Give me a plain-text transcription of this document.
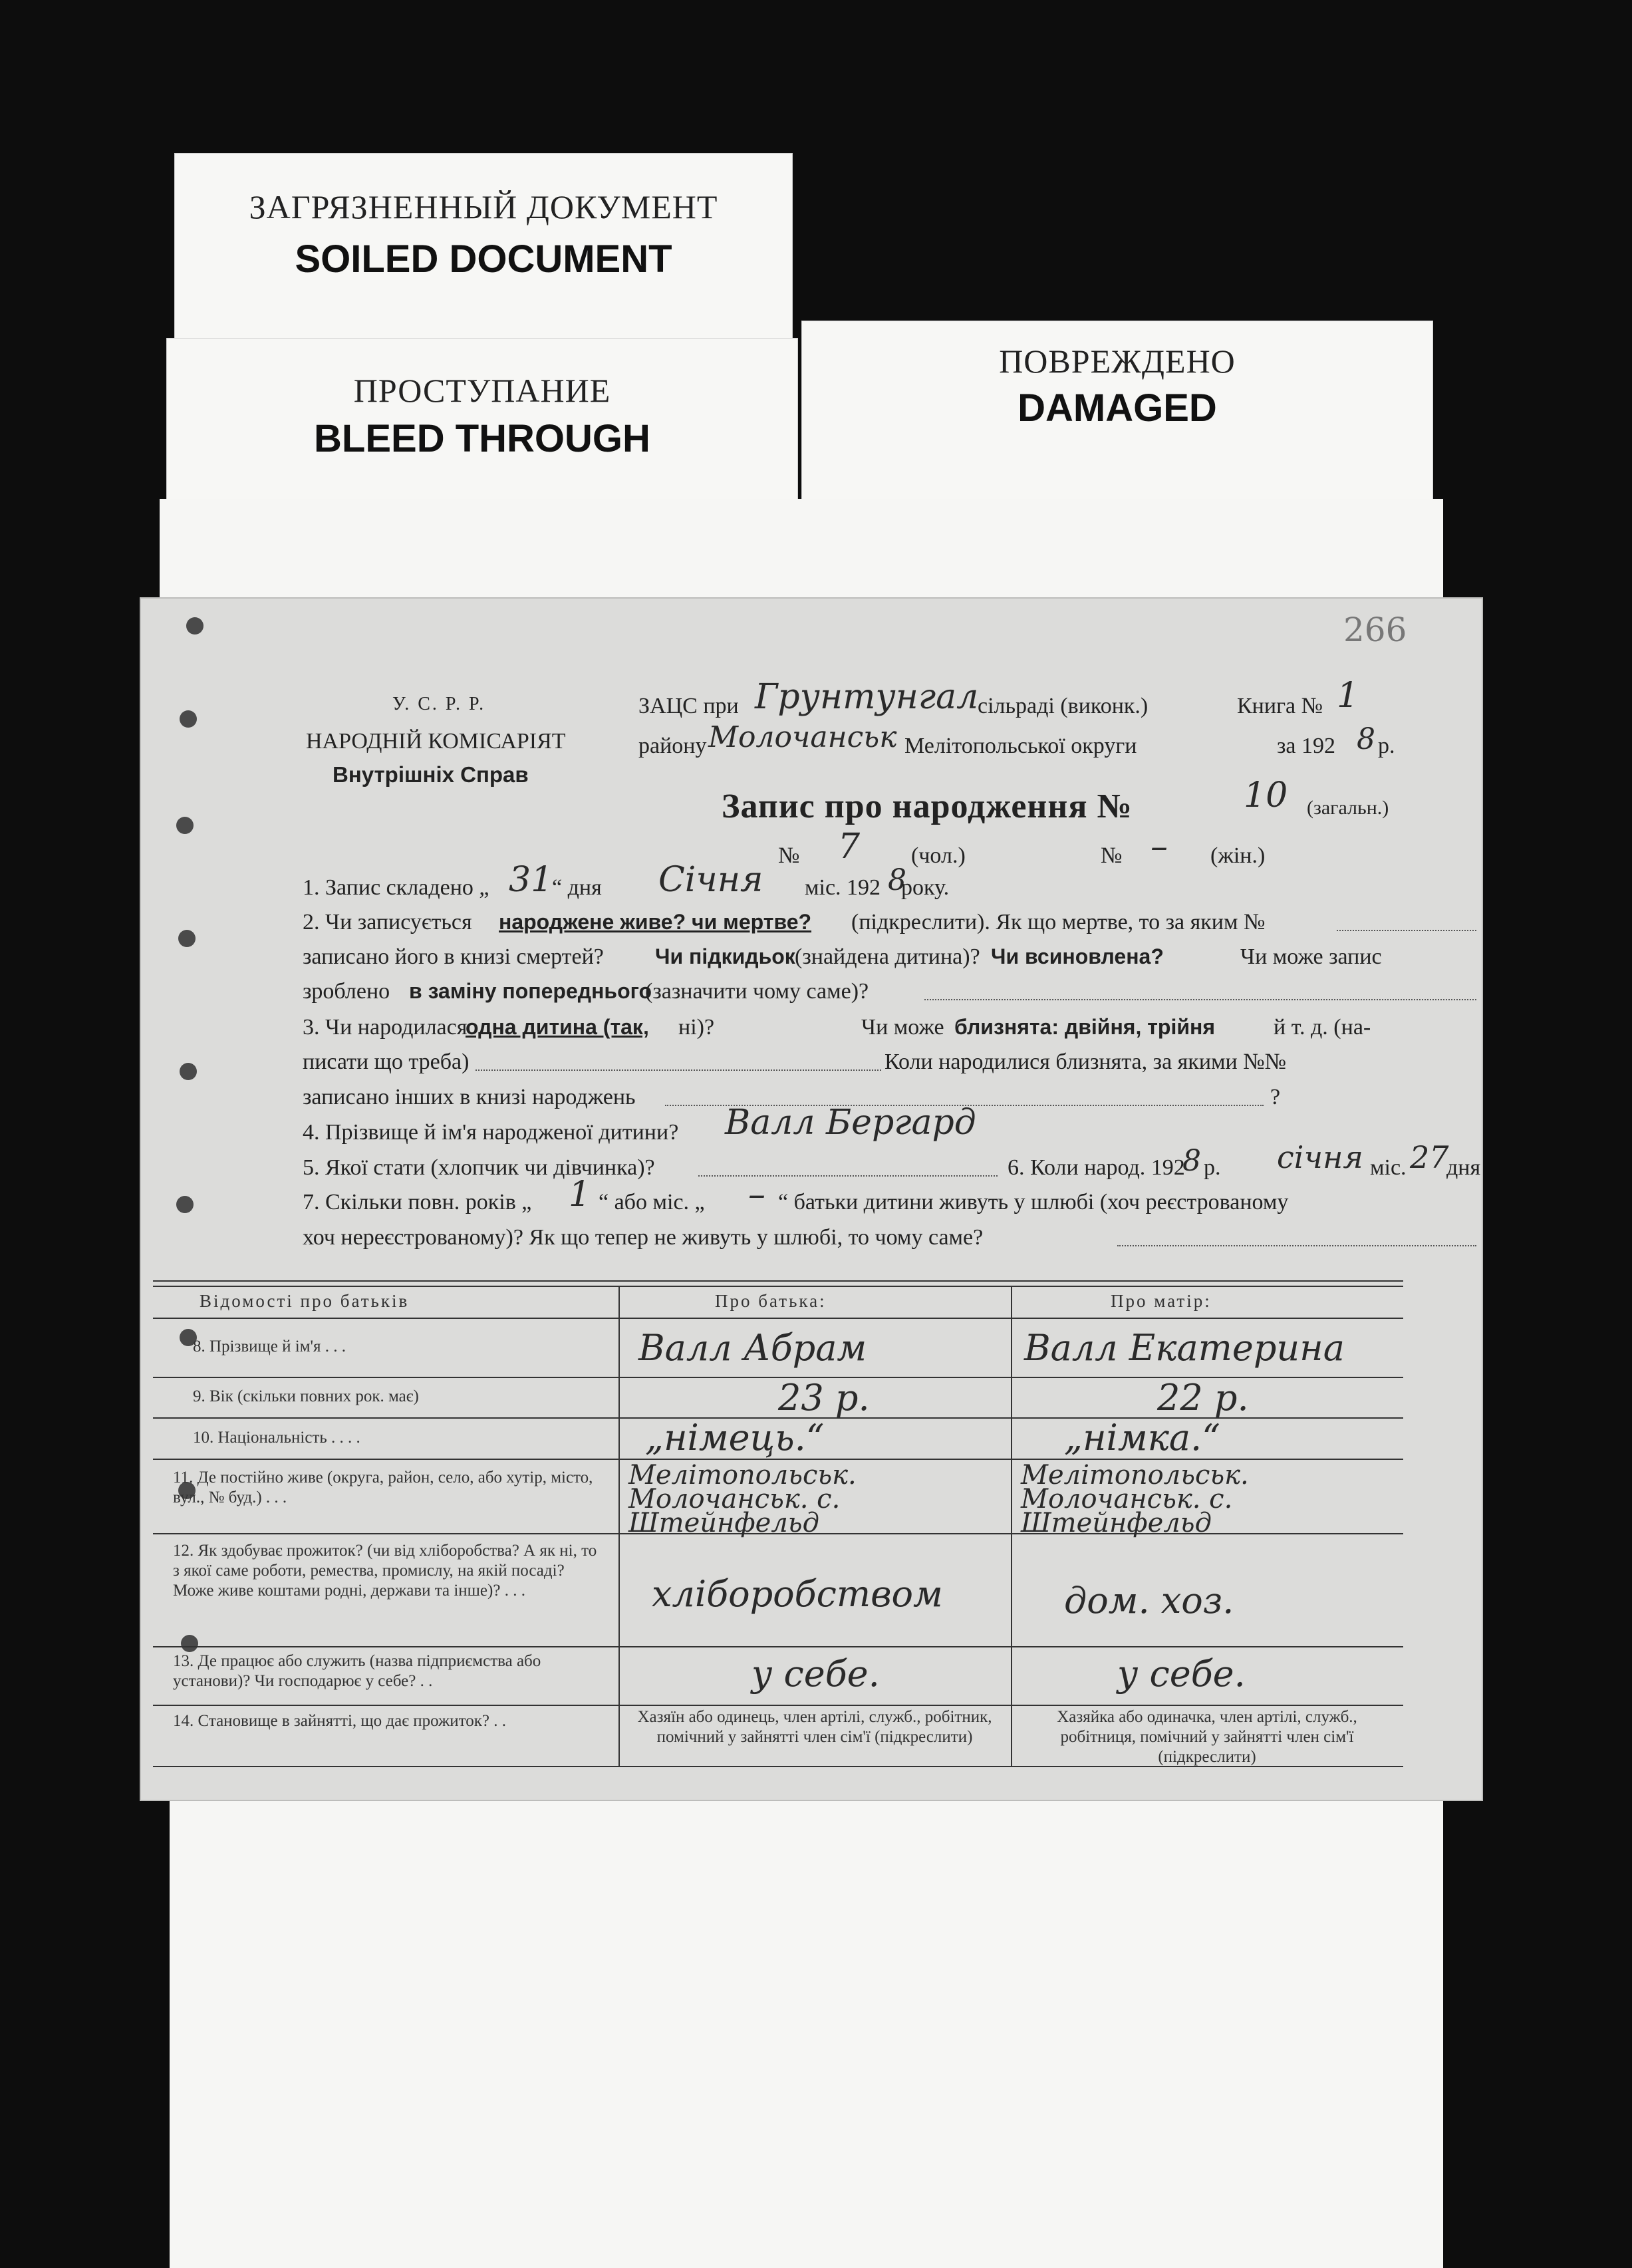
ЗАГРЯЗНЕННЫЙ ДОКУМЕНТ
SOILED DOCUMENT
ПРОСТУПАНИЕ
BLEED THROUGH
ПОВРЕЖДЕНО
DAMAGED
266
У. С. Р. Р.
НАРОДНІЙ КОМІСАРІЯТ
Внутрішніх Справ
ЗАЦС при Грунтунгал
сільраді (виконк.)	Книга № 1
району Молочанськ Мелітопольської округи	за 192 8 р.
Запис про народження №	10 (загальн.)
№ 7 (чол.)	№ – (жін.)
1. Запис складено „ 31
“ дня Січня міс. 192 8
року.
2. Чи записується народжене живе? чи мертве? (підкреслити). Як що мертве, то за яким №
записано його в книзі смертей? Чи підкидьок (знайдена дитина)? Чи всиновлена?	Чи може запис
зроблено в заміну попереднього
(зазначити чому саме)?
3. Чи народилася
одна дитина (так, ні)?	Чи може близнята: двійня, трійня	й т. д. (на-
писати що треба)	Коли народилися близнята, за якими №№
записано інших в книзі народжень	?
4. Прізвище й ім'я народженої дитини? Валл Бергард
5. Якої стати (хлопчик чи дівчинка)?	6. Коли народ. 192
8 р. січня міс. 27
дня
7. Скільки повн. років „ 1 “ або міс. „ – “ батьки дитини живуть у шлюбі (хоч реєстрованому
хоч нереєстрованому)? Як що тепер не живуть у шлюбі, то чому саме?
Відомості про батьків	Про батька:	Про матір:
8. Прізвище й ім'я . . .	Валл Абрам	Валл Екатерина
9. Вік (скільки повних рок. має)	23 р.	22 р.
10. Національність . . . .	„німець.“	„німка.“
11. Де постійно живе (округа, район, село, або хутір, місто, вул., № буд.) . . .
Мелітопольськ. Молочанськ. с. Штейнфельд
Мелітопольськ. Молочанськ. с. Штейнфельд
12. Як здобуває прожиток? (чи від хліборобства? А як ні, то з якої саме роботи, ремества, промислу, на якій посаді? Може живе коштами родні, держави та інше)? . . .	хліборобством	дом. хоз.
13. Де працює або служить (назва підприємства або установи)? Чи господарює у себе? . .	у себе.	у себе.
14. Становище в зайнятті, що дає прожиток? . .	Хазяїн або одинець, член артілі, служб., робітник, помічний у зайнятті член сім'ї (підкреслити)
Хазяйка або одиначка, член артілі, служб., робітниця, помічний у зайнятті член сім'ї (підкреслити)
